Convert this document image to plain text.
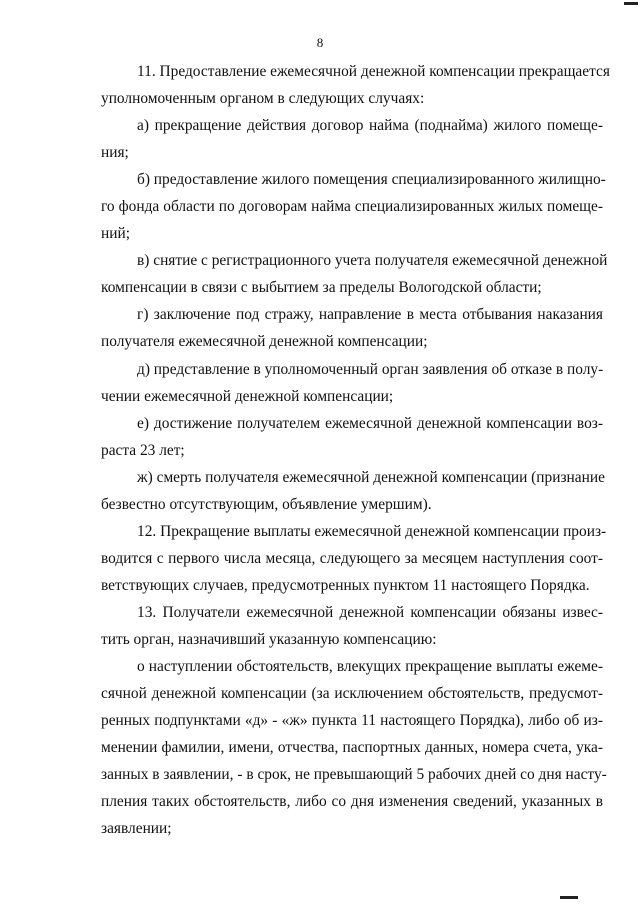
8
11. Предоставление ежемесячной денежной компенсации прекращается
уполномоченным органом в следующих случаях:
а) прекращение действия договор найма (поднайма) жилого помеще-
ния;
б) предоставление жилого помещения специализированного жилищно-
го фонда области по договорам найма специализированных жилых помеще-
ний;
в) снятие с регистрационного учета получателя ежемесячной денежной
компенсации в связи с выбытием за пределы Вологодской области;
г) заключение под стражу, направление в места отбывания наказания
получателя ежемесячной денежной компенсации;
д) представление в уполномоченный орган заявления об отказе в полу-
чении ежемесячной денежной компенсации;
е) достижение получателем ежемесячной денежной компенсации воз-
раста 23 лет;
ж) смерть получателя ежемесячной денежной компенсации (признание
безвестно отсутствующим, объявление умершим).
12. Прекращение выплаты ежемесячной денежной компенсации произ-
водится с первого числа месяца, следующего за месяцем наступления соот-
ветствующих случаев, предусмотренных пунктом 11 настоящего Порядка.
13. Получатели ежемесячной денежной компенсации обязаны извес-
тить орган, назначивший указанную компенсацию:
о наступлении обстоятельств, влекущих прекращение выплаты ежеме-
сячной денежной компенсации (за исключением обстоятельств, предусмот-
ренных подпунктами «д» - «ж» пункта 11 настоящего Порядка), либо об из-
менении фамилии, имени, отчества, паспортных данных, номера счета, ука-
занных в заявлении, - в срок, не превышающий 5 рабочих дней со дня насту-
пления таких обстоятельств, либо со дня изменения сведений, указанных в
заявлении;
